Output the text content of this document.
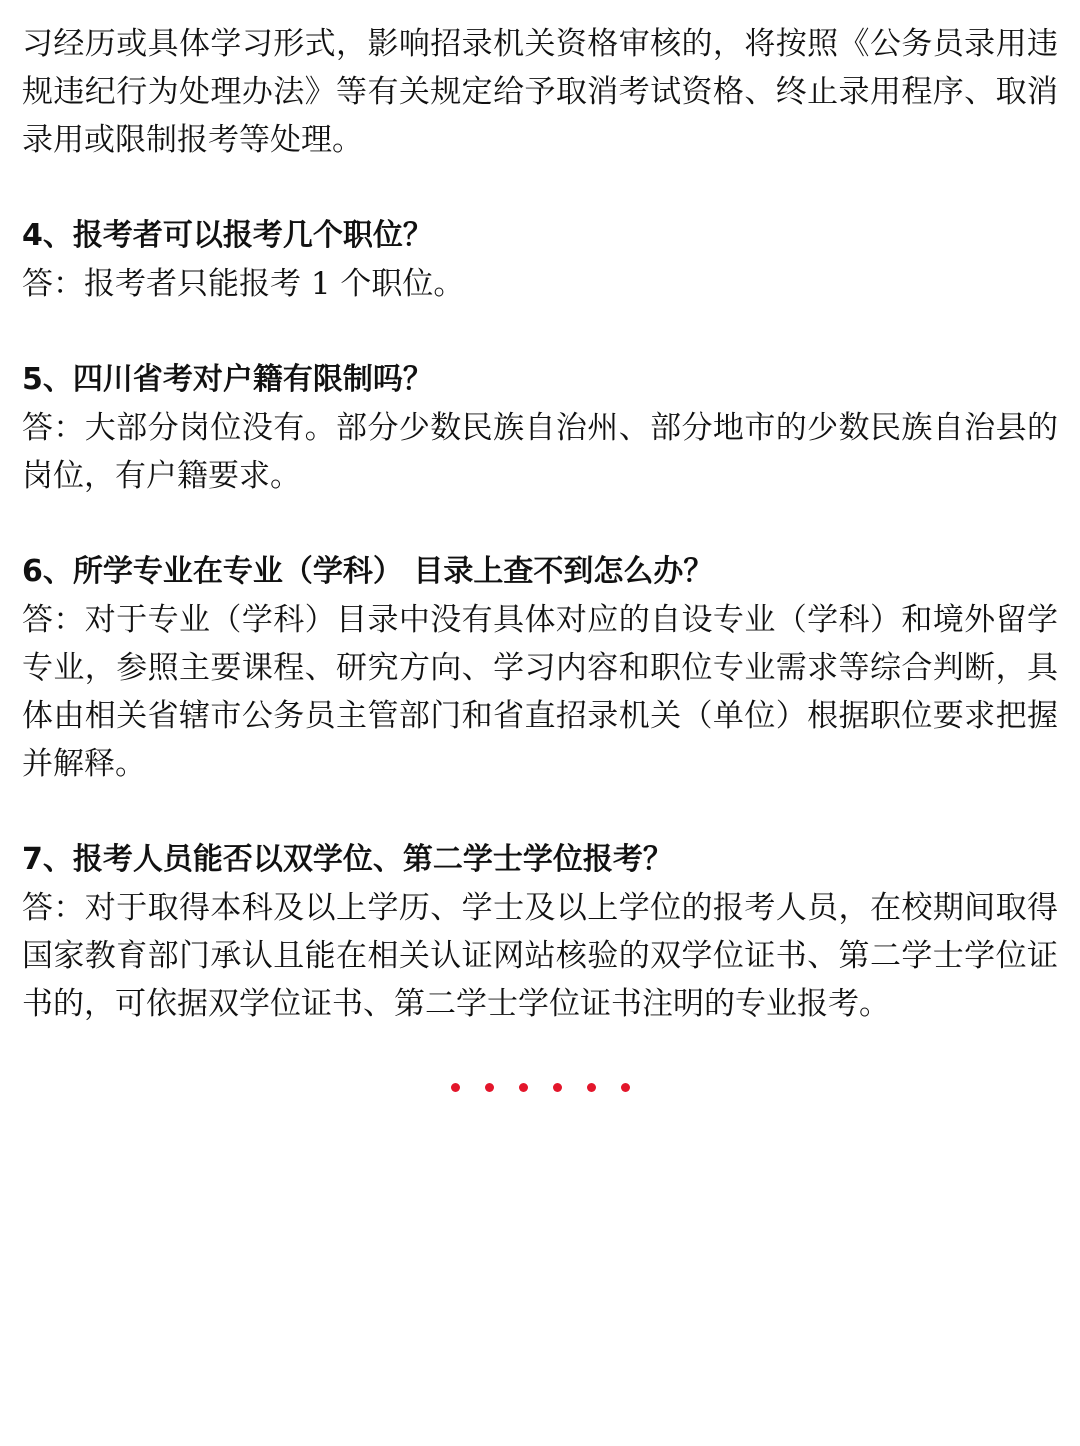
习经历或具体学习形式，影响招录机关资格审核的，将按照《公务员录用违规违纪行为处理办法》等有关规定给予取消考试资格、终止录用程序、取消录用或限制报考等处理。

4、报考者可以报考几个职位？

答：报考者只能报考 1 个职位。

5、四川省考对户籍有限制吗？

答：大部分岗位没有。部分少数民族自治州、部分地市的少数民族自治县的岗位，有户籍要求。

6、所学专业在专业（学科） 目录上查不到怎么办？

答：对于专业（学科）目录中没有具体对应的自设专业（学科）和境外留学专业，参照主要课程、研究方向、学习内容和职位专业需求等综合判断，具体由相关省辖市公务员主管部门和省直招录机关（单位）根据职位要求把握并解释。

7、报考人员能否以双学位、第二学士学位报考？

答：对于取得本科及以上学历、学士及以上学位的报考人员，在校期间取得国家教育部门承认且能在相关认证网站核验的双学位证书、第二学士学位证书的，可依据双学位证书、第二学士学位证书注明的专业报考。
